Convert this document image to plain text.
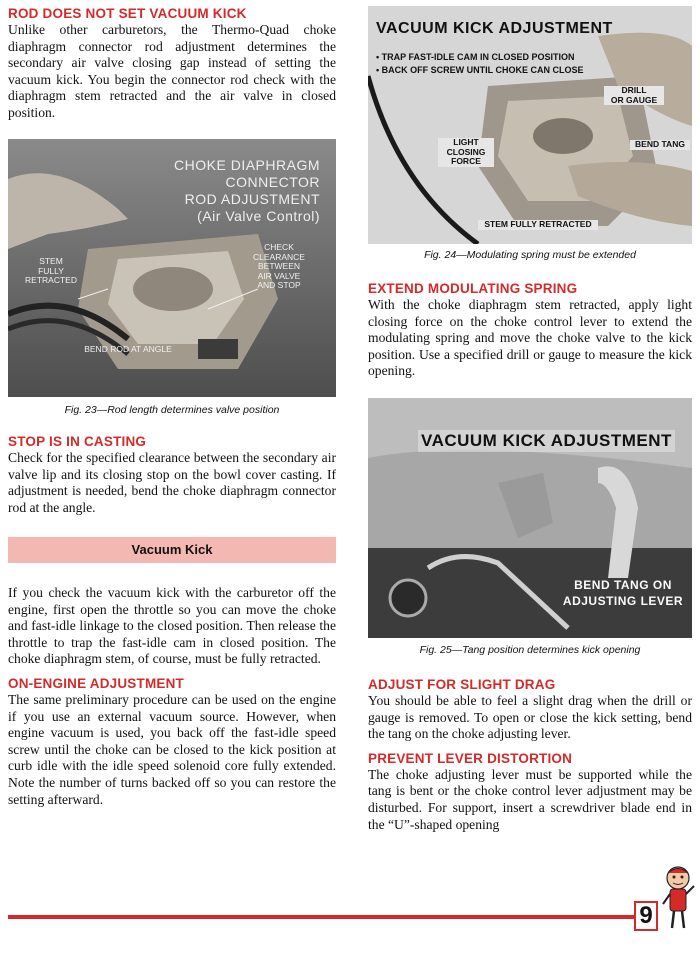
ROD DOES NOT SET VACUUM KICK

Unlike other carburetors, the Thermo-Quad choke diaphragm connector rod adjustment determines the secondary air valve closing gap instead of setting the vacuum kick. You begin the connector rod check with the diaphragm stem retracted and the air valve in closed position.

CHOKE DIAPHRAGM CONNECTOR
ROD ADJUSTMENT
(Air Valve Control)
STEM
FULLY
RETRACTED
CHECK
CLEARANCE
BETWEEN
AIR VALVE
AND STOP
BEND ROD AT ANGLE
Fig. 23—Rod length determines valve position
STOP IS IN CASTING

Check for the specified clearance between the secondary air valve lip and its closing stop on the bowl cover casting. If adjustment is needed, bend the choke diaphragm connector rod at the angle.

Vacuum Kick

If you check the vacuum kick with the carburetor off the engine, first open the throttle so you can move the choke and fast-idle linkage to the closed position. Then release the throttle to trap the fast-idle cam in closed position. The choke diaphragm stem, of course, must be fully retracted.

ON-ENGINE ADJUSTMENT

The same preliminary procedure can be used on the engine if you use an external vacuum source. However, when engine vacuum is used, you back off the fast-idle speed screw until the choke can be closed to the kick position at curb idle with the idle speed solenoid core fully extended. Note the number of turns backed off so you can restore the setting afterward.

VACUUM KICK ADJUSTMENT
• TRAP FAST-IDLE CAM IN CLOSED POSITION
• BACK OFF SCREW UNTIL CHOKE CAN CLOSE
DRILL
OR GAUGE
LIGHT
CLOSING
FORCE
BEND TANG
STEM FULLY RETRACTED
Fig. 24—Modulating spring must be extended
EXTEND MODULATING SPRING

With the choke diaphragm stem retracted, apply light closing force on the choke control lever to extend the modulating spring and move the choke valve to the kick position. Use a specified drill or gauge to measure the kick opening.

VACUUM KICK ADJUSTMENT
BEND TANG ON
ADJUSTING LEVER
Fig. 25—Tang position determines kick opening
ADJUST FOR SLIGHT DRAG

You should be able to feel a slight drag when the drill or gauge is removed. To open or close the kick setting, bend the tang on the choke adjusting lever.

PREVENT LEVER DISTORTION

The choke adjusting lever must be supported while the tang is bent or the choke control lever adjustment may be disturbed. For support, insert a screwdriver blade end in the “U”-shaped opening

9
